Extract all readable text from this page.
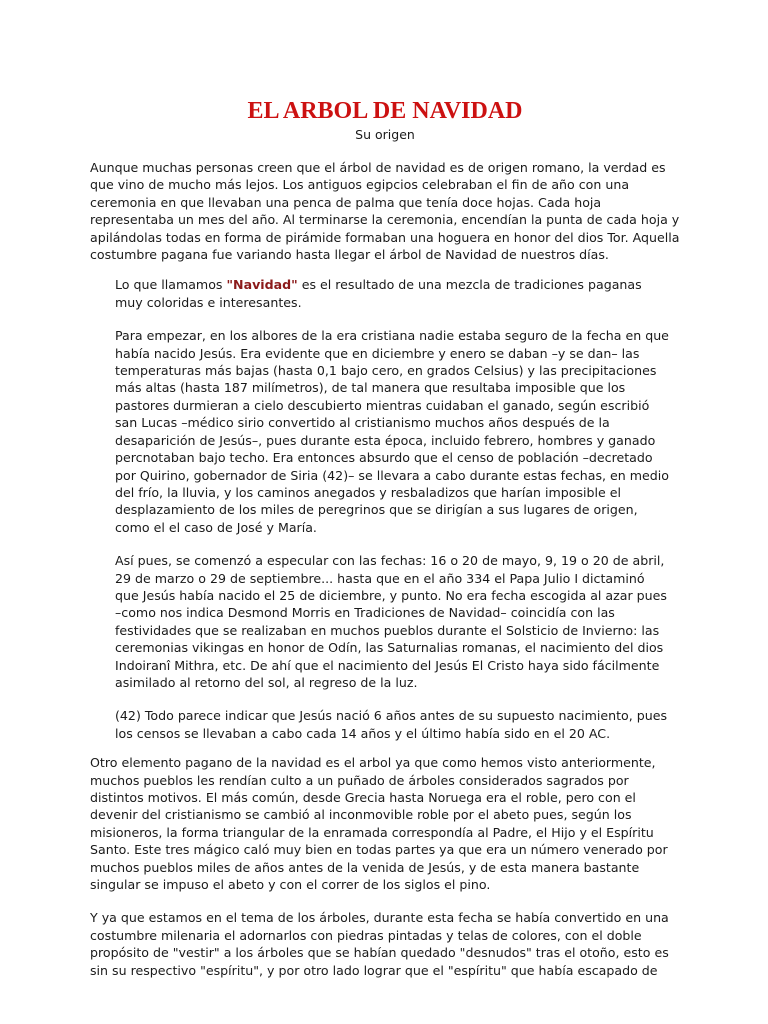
EL ARBOL DE NAVIDAD
Su origen

Aunque muchas personas creen que el árbol de navidad es de origen romano, la verdad es que vino de mucho más lejos. Los antiguos egipcios celebraban el fin de año con una ceremonia en que llevaban una penca de palma que tenía doce hojas. Cada hoja representaba un mes del año. Al terminarse la ceremonia, encendían la punta de cada hoja y apilándolas todas en forma de pirámide formaban una hoguera en honor del dios Tor. Aquella costumbre pagana fue variando hasta llegar el árbol de Navidad de nuestros días.

Lo que llamamos "Navidad" es el resultado de una mezcla de tradiciones paganas muy coloridas e interesantes.

Para empezar, en los albores de la era cristiana nadie estaba seguro de la fecha en que había nacido Jesús. Era evidente que en diciembre y enero se daban –y se dan– las temperaturas más bajas (hasta 0,1 bajo cero, en grados Celsius) y las precipitaciones más altas (hasta 187 milímetros), de tal manera que resultaba imposible que los pastores durmieran a cielo descubierto mientras cuidaban el ganado, según escribió san Lucas –médico sirio convertido al cristianismo muchos años después de la desaparición de Jesús–, pues durante esta época, incluido febrero, hombres y ganado percnotaban bajo techo. Era entonces absurdo que el censo de población –decretado por Quirino, gobernador de Siria (42)– se llevara a cabo durante estas fechas, en medio del frío, la lluvia, y los caminos anegados y resbaladizos que harían imposible el desplazamiento de los miles de peregrinos que se dirigían a sus lugares de origen, como el el caso de José y María.

Así pues, se comenzó a especular con las fechas: 16 o 20 de mayo, 9, 19 o 20 de abril, 29 de marzo o 29 de septiembre... hasta que en el año 334 el Papa Julio I dictaminó que Jesús había nacido el 25 de diciembre, y punto. No era fecha escogida al azar pues –como nos indica Desmond Morris en Tradiciones de Navidad– coincidía con las festividades que se realizaban en muchos pueblos durante el Solsticio de Invierno: las ceremonias vikingas en honor de Odín, las Saturnalias romanas, el nacimiento del dios Indoiranî Mithra, etc. De ahí que el nacimiento del Jesús El Cristo haya sido fácilmente asimilado al retorno del sol, al regreso de la luz.

(42) Todo parece indicar que Jesús nació 6 años antes de su supuesto nacimiento, pues los censos se llevaban a cabo cada 14 años y el último había sido en el 20 AC.

Otro elemento pagano de la navidad es el arbol ya que como hemos visto anteriormente, muchos pueblos les rendían culto a un puñado de árboles considerados sagrados por distintos motivos. El más común, desde Grecia hasta Noruega era el roble, pero con el devenir del cristianismo se cambió al inconmovible roble por el abeto pues, según los misioneros, la forma triangular de la enramada correspondía al Padre, el Hijo y el Espíritu Santo. Este tres mágico caló muy bien en todas partes ya que era un número venerado por muchos pueblos miles de años antes de la venida de Jesús, y de esta manera bastante singular se impuso el abeto y con el correr de los siglos el pino.

Y ya que estamos en el tema de los árboles, durante esta fecha se había convertido en una costumbre milenaria el adornarlos con piedras pintadas y telas de colores, con el doble propósito de "vestir" a los árboles que se habían quedado "desnudos" tras el otoño, esto es sin su respectivo "espíritu", y por otro lado lograr que el "espíritu" que había escapado de
